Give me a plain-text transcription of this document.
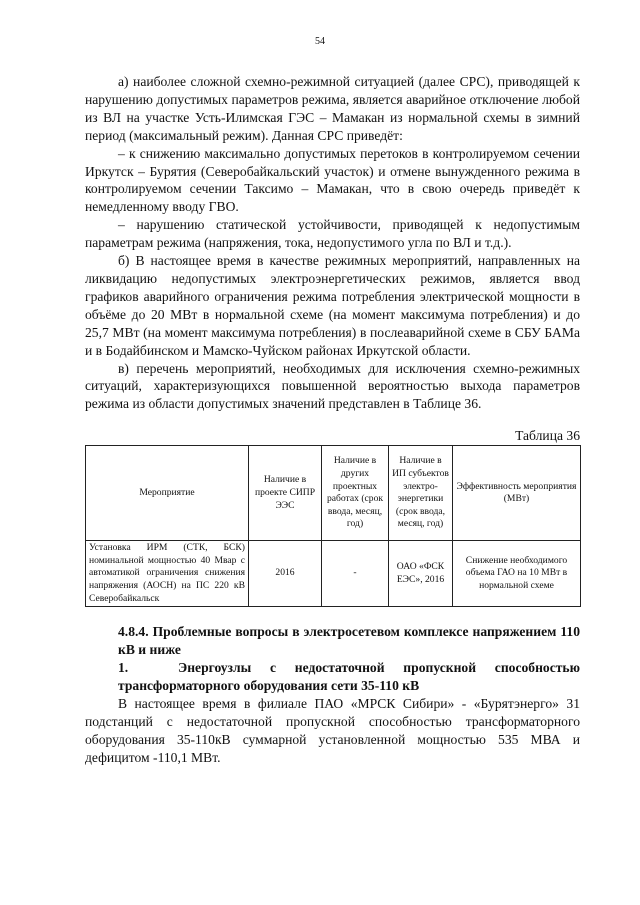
54

а) наиболее сложной схемно-режимной ситуацией (далее СРС), приводящей к нарушению допустимых параметров режима, является аварийное отключение любой из ВЛ на участке Усть-Илимская ГЭС – Мамакан из нормальной схемы в зимний период (максимальный режим). Данная СРС приведёт:

– к снижению максимально допустимых перетоков в контролируемом сечении Иркутск – Бурятия (Северобайкальский участок) и отмене вынужденного режима в контролируемом сечении Таксимо – Мамакан, что в свою очередь приведёт к немедленному вводу ГВО.

– нарушению статической устойчивости, приводящей к недопустимым параметрам режима (напряжения, тока, недопустимого угла по ВЛ и т.д.).

б) В настоящее время в качестве режимных мероприятий, направленных на ликвидацию недопустимых электроэнергетических режимов, является ввод графиков аварийного ограничения режима потребления электрической мощности в объёме до 20 МВт в нормальной схеме (на момент максимума потребления) и до 25,7 МВт (на момент максимума потребления) в послеаварийной схеме в СБУ БАМа и в Бодайбинском и Мамско-Чуйском районах Иркутской области.

в) перечень мероприятий, необходимых для исключения схемно-режимных ситуаций, характеризующихся повышенной вероятностью выхода параметров режима из области допустимых значений представлен в Таблице 36.

Таблица 36
Мероприятие	Наличие в проекте СИПР ЭЭС	Наличие в других проектных работах (срок ввода, месяц, год)	Наличие в ИП субъектов электро-энергетики (срок ввода, месяц, год)	Эффективность мероприятия (МВт)
Установка ИРМ (СТК, БСК) номинальной мощностью 40 Мвар с автоматикой ограничения снижения напряжения (АОСН) на ПС 220 кВ Северобайкальск	2016	-	ОАО «ФСК ЕЭС», 2016	Снижение необходимого объема ГАО на 10 МВт в нормальной схеме
4.8.4. Проблемные вопросы в электросетевом комплексе напряжением 110 кВ и ниже

1.	Энергоузлы с недостаточной пропускной способностью трансформаторного оборудования сети 35-110 кВ

В настоящее время в филиале ПАО «МРСК Сибири» - «Бурятэнерго» 31 подстанций с недостаточной пропускной способностью трансформаторного оборудования 35-110кВ суммарной установленной мощностью 535 МВА и дефицитом -110,1 МВт.
